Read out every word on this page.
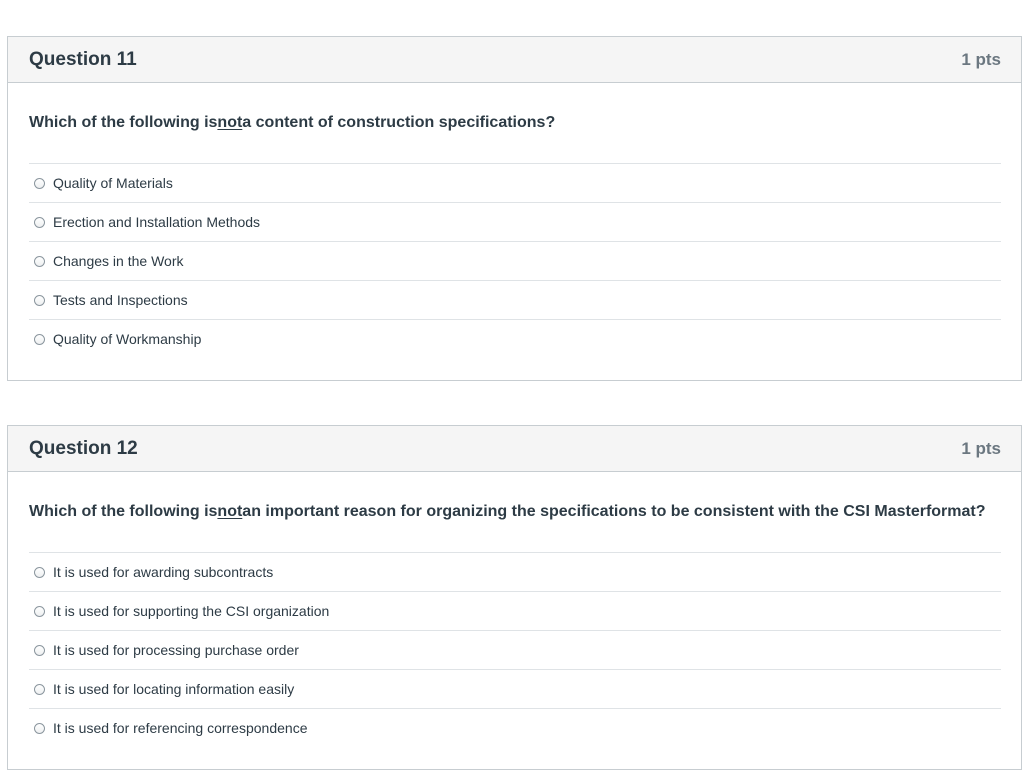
Question 11	1 pts
Which of the following is not a content of construction specifications?
Quality of Materials
Erection and Installation Methods
Changes in the Work
Tests and Inspections
Quality of Workmanship
Question 12	1 pts
Which of the following is not an important reason for organizing the specifications to be consistent with the CSI Masterformat?
It is used for awarding subcontracts
It is used for supporting the CSI organization
It is used for processing purchase order
It is used for locating information easily
It is used for referencing correspondence
